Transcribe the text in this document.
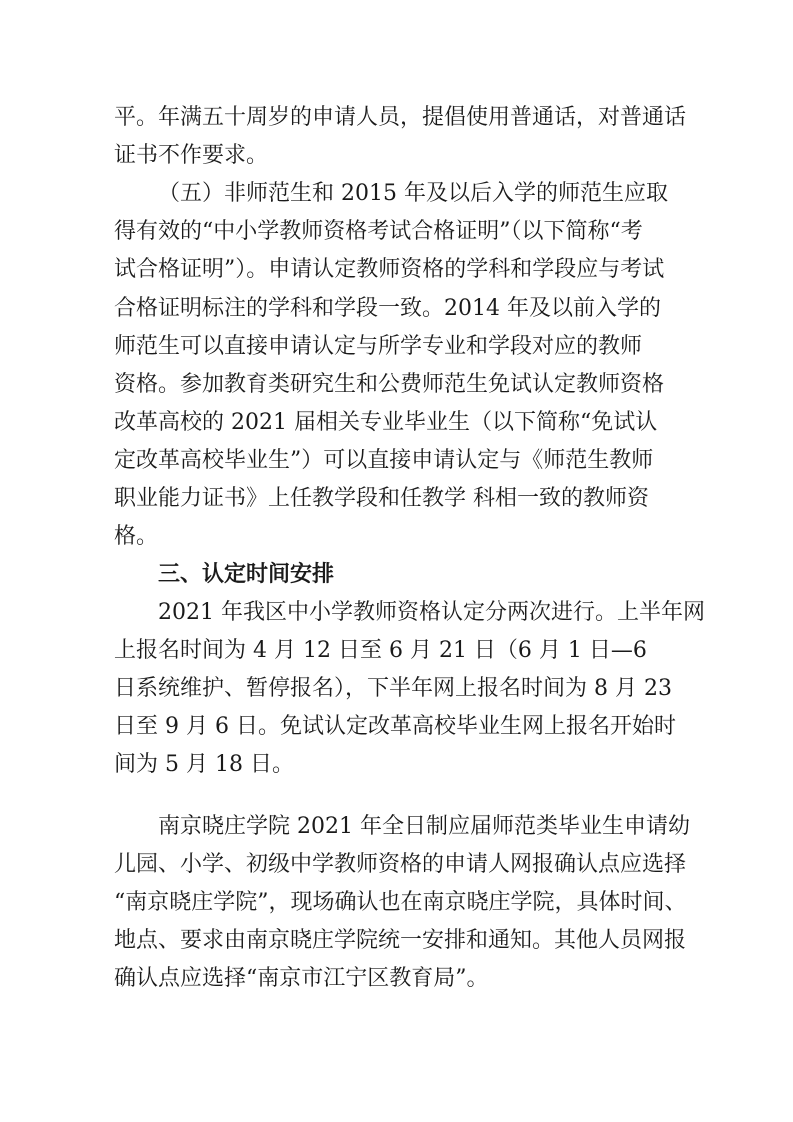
平。年满五十周岁的申请人员，提倡使用普通话，对普通话
证书不作要求。
（五）非师范生和 2015 年及以后入学的师范生应取
得有效的“中小学教师资格考试合格证明”（以下简称“考
试合格证明”）。申请认定教师资格的学科和学段应与考试
合格证明标注的学科和学段一致。2014 年及以前入学的
师范生可以直接申请认定与所学专业和学段对应的教师
资格。参加教育类研究生和公费师范生免试认定教师资格
改革高校的 2021 届相关专业毕业生（以下简称“免试认
定改革高校毕业生”）可以直接申请认定与《师范生教师
职业能力证书》上任教学段和任教学 科相一致的教师资
格。
三、认定时间安排
2021 年我区中小学教师资格认定分两次进行。上半年网
上报名时间为 4 月 12 日至 6 月 21 日（6 月 1 日—6
日系统维护、暂停报名），下半年网上报名时间为 8 月 23
日至 9 月 6 日。免试认定改革高校毕业生网上报名开始时
间为 5 月 18 日。
南京晓庄学院 2021 年全日制应届师范类毕业生申请幼
儿园、小学、初级中学教师资格的申请人网报确认点应选择
“南京晓庄学院”，现场确认也在南京晓庄学院，具体时间、
地点、要求由南京晓庄学院统一安排和通知。其他人员网报
确认点应选择“南京市江宁区教育局”。
